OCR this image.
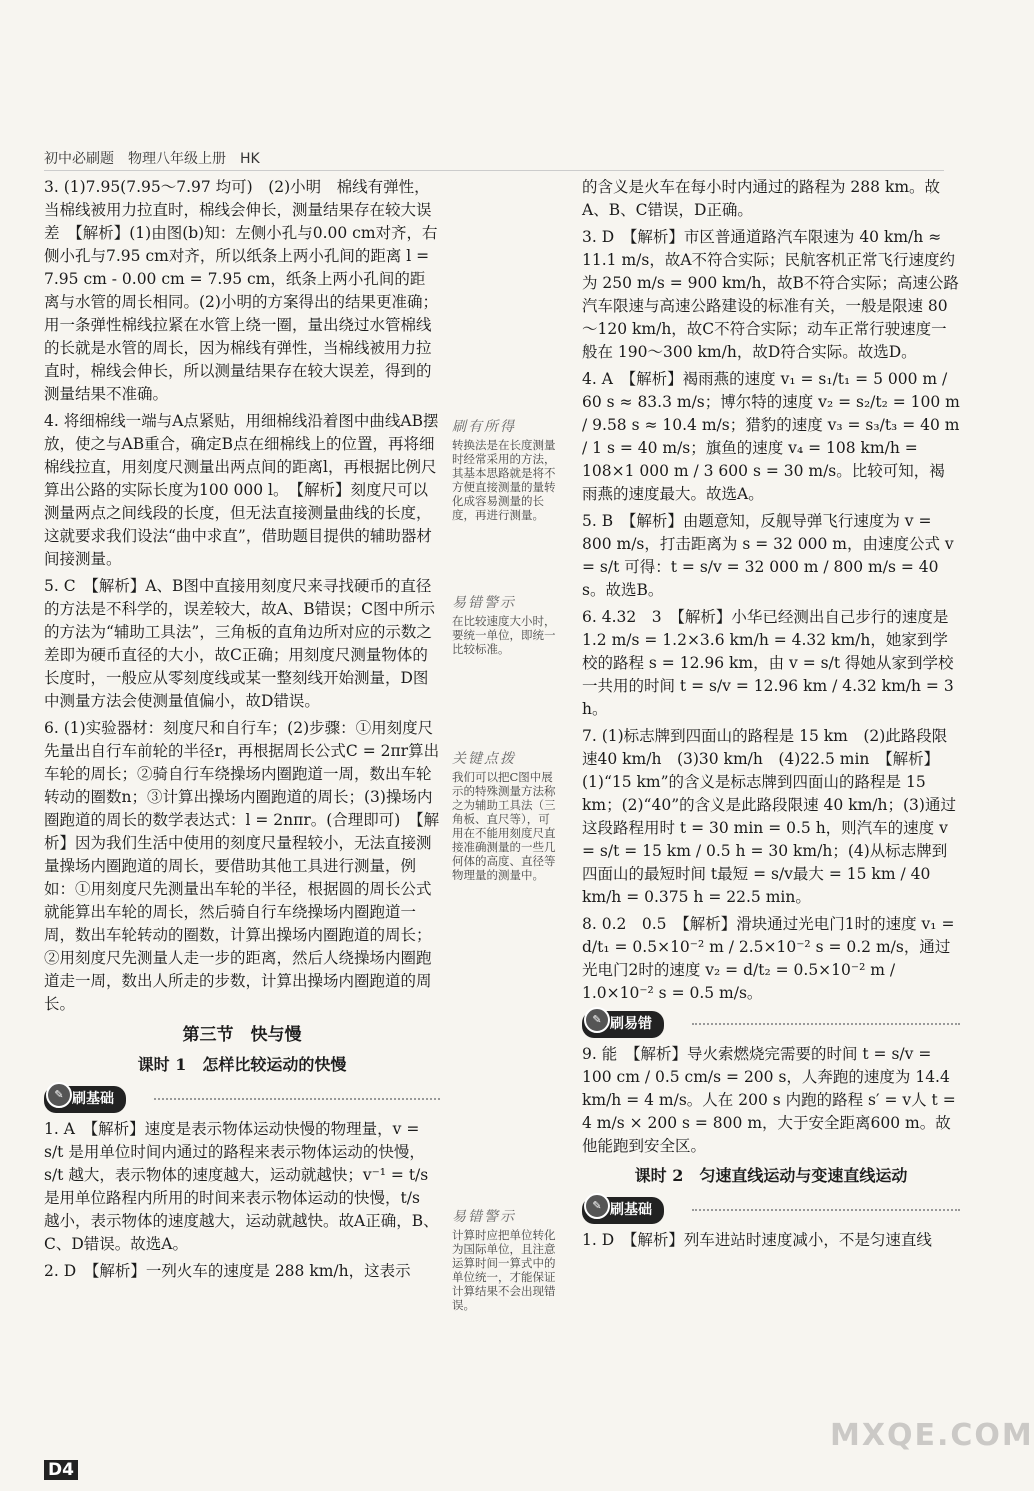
初中必刷题　物理八年级上册　HK

3. (1)7.95(7.95～7.97 均可)　(2)小明　棉线有弹性，当棉线被用力拉直时，棉线会伸长，测量结果存在较大误差　【解析】(1)由图(b)知：左侧小孔与0.00 cm对齐，右侧小孔与7.95 cm对齐，所以纸条上两小孔间的距离 l = 7.95 cm - 0.00 cm = 7.95 cm，纸条上两小孔间的距离与水管的周长相同。(2)小明的方案得出的结果更准确；用一条弹性棉线拉紧在水管上绕一圈，量出绕过水管棉线的长就是水管的周长，因为棉线有弹性，当棉线被用力拉直时，棉线会伸长，所以测量结果存在较大误差，得到的测量结果不准确。

4. 将细棉线一端与A点紧贴，用细棉线沿着图中曲线AB摆放，使之与AB重合，确定B点在细棉线上的位置，再将细棉线拉直，用刻度尺测量出两点间的距离l，再根据比例尺算出公路的实际长度为100 000 l。　【解析】刻度尺可以测量两点之间线段的长度，但无法直接测量曲线的长度，这就要求我们设法“曲中求直”，借助题目提供的辅助器材间接测量。

5. C　【解析】A、B图中直接用刻度尺来寻找硬币的直径的方法是不科学的，误差较大，故A、B错误；C图中所示的方法为“辅助工具法”，三角板的直角边所对应的示数之差即为硬币直径的大小，故C正确；用刻度尺测量物体的长度时，一般应从零刻度线或某一整刻线开始测量，D图中测量方法会使测量值偏小，故D错误。

6. (1)实验器材：刻度尺和自行车；(2)步骤：①用刻度尺先量出自行车前轮的半径r，再根据周长公式C = 2πr算出车轮的周长；②骑自行车绕操场内圈跑道一周，数出车轮转动的圈数n；③计算出操场内圈跑道的周长；(3)操场内圈跑道的周长的数学表达式：l = 2nπr。(合理即可)　【解析】因为我们生活中使用的刻度尺量程较小，无法直接测量操场内圈跑道的周长，要借助其他工具进行测量，例如：①用刻度尺先测量出车轮的半径，根据圆的周长公式就能算出车轮的周长，然后骑自行车绕操场内圈跑道一周，数出车轮转动的圈数，计算出操场内圈跑道的周长；②用刻度尺先测量人走一步的距离，然后人绕操场内圈跑道走一周，数出人所走的步数，计算出操场内圈跑道的周长。

第三节　快与慢
课时 1　怎样比较运动的快慢
✎ 刷基础

1. A　【解析】速度是表示物体运动快慢的物理量，v = s/t 是用单位时间内通过的路程来表示物体运动的快慢，s/t 越大，表示物体的速度越大，运动就越快；v⁻¹ = t/s 是用单位路程内所用的时间来表示物体运动的快慢，t/s 越小，表示物体的速度越大，运动就越快。故A正确，B、C、D错误。故选A。

2. D　【解析】一列火车的速度是 288 km/h，这表示

刷有所得
转换法是在长度测量时经常采用的方法，其基本思路就是将不方便直接测量的量转化成容易测量的长度，再进行测量。
易错警示
在比较速度大小时，要统一单位，即统一比较标准。
关键点拨
我们可以把C图中展示的特殊测量方法称之为辅助工具法（三角板、直尺等），可用在不能用刻度尺直接准确测量的一些几何体的高度、直径等物理量的测量中。
易错警示
计算时应把单位转化为国际单位，且注意运算时间一算式中的单位统一，才能保证计算结果不会出现错误。

的含义是火车在每小时内通过的路程为 288 km。故A、B、C错误，D正确。

3. D　【解析】市区普通道路汽车限速为 40 km/h ≈ 11.1 m/s，故A不符合实际；民航客机正常飞行速度约为 250 m/s = 900 km/h，故B不符合实际；高速公路汽车限速与高速公路建设的标准有关，一般是限速 80～120 km/h，故C不符合实际；动车正常行驶速度一般在 190～300 km/h，故D符合实际。故选D。

4. A　【解析】褐雨燕的速度 v₁ = s₁/t₁ = 5 000 m / 60 s ≈ 83.3 m/s；博尔特的速度 v₂ = s₂/t₂ = 100 m / 9.58 s ≈ 10.4 m/s；猎豹的速度 v₃ = s₃/t₃ = 40 m / 1 s = 40 m/s；旗鱼的速度 v₄ = 108 km/h = 108×1 000 m / 3 600 s = 30 m/s。比较可知，褐雨燕的速度最大。故选A。

5. B　【解析】由题意知，反舰导弹飞行速度为 v = 800 m/s，打击距离为 s = 32 000 m，由速度公式 v = s/t 可得：t = s/v = 32 000 m / 800 m/s = 40 s。故选B。

6. 4.32　3　【解析】小华已经测出自己步行的速度是 1.2 m/s = 1.2×3.6 km/h = 4.32 km/h，她家到学校的路程 s = 12.96 km，由 v = s/t 得她从家到学校一共用的时间 t = s/v = 12.96 km / 4.32 km/h = 3 h。

7. (1)标志牌到四面山的路程是 15 km　(2)此路段限速40 km/h　(3)30 km/h　(4)22.5 min　【解析】(1)“15 km”的含义是标志牌到四面山的路程是 15 km；(2)“40”的含义是此路段限速 40 km/h；(3)通过这段路程用时 t = 30 min = 0.5 h，则汽车的速度 v = s/t = 15 km / 0.5 h = 30 km/h；(4)从标志牌到四面山的最短时间 t最短 = s/v最大 = 15 km / 40 km/h = 0.375 h = 22.5 min。

8. 0.2　0.5　【解析】滑块通过光电门1时的速度 v₁ = d/t₁ = 0.5×10⁻² m / 2.5×10⁻² s = 0.2 m/s，通过光电门2时的速度 v₂ = d/t₂ = 0.5×10⁻² m / 1.0×10⁻² s = 0.5 m/s。

✎ 刷易错

9. 能　【解析】导火索燃烧完需要的时间 t = s/v = 100 cm / 0.5 cm/s = 200 s，人奔跑的速度为 14.4 km/h = 4 m/s。人在 200 s 内跑的路程 s′ = v人 t = 4 m/s × 200 s = 800 m，大于安全距离600 m。故他能跑到安全区。

课时 2　匀速直线运动与变速直线运动
✎ 刷基础

1. D　【解析】列车进站时速度减小，不是匀速直线

D4
MXQE.COM
